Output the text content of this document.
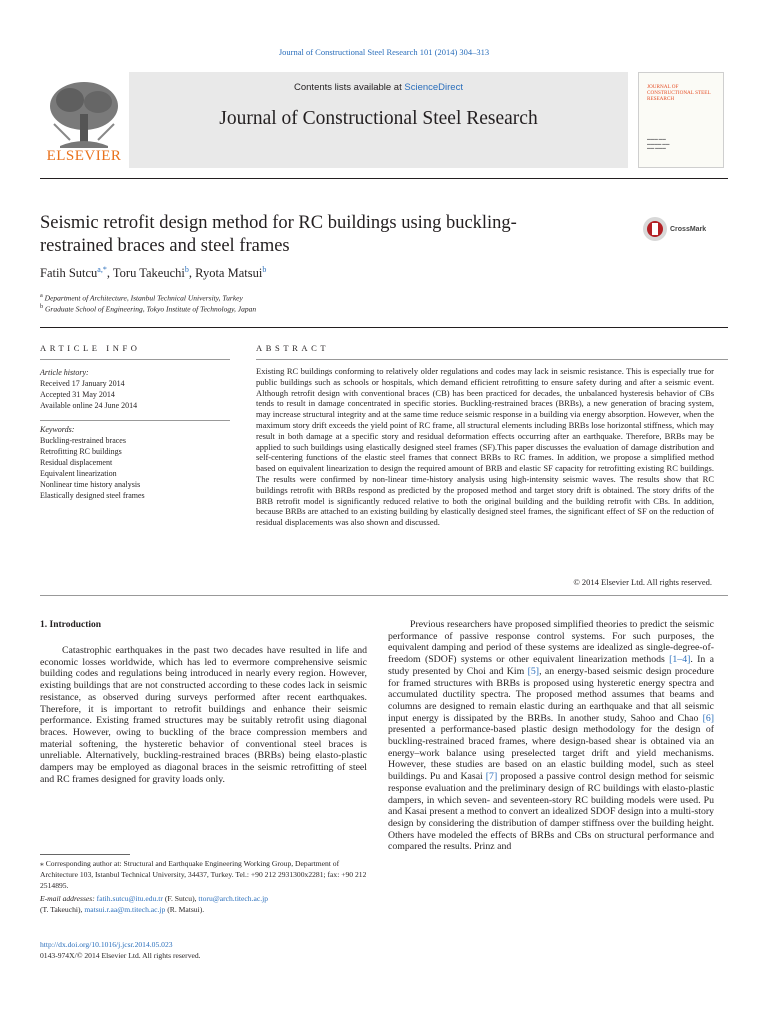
Journal of Constructional Steel Research 101 (2014) 304–313
Contents lists available at ScienceDirect
Journal of Constructional Steel Research
ELSEVIER
JOURNAL OF CONSTRUCTIONAL STEEL RESEARCH
▬▬▬ ▬▬
▬▬▬▬ ▬▬
▬▬ ▬▬▬
Seismic retrofit design method for RC buildings using buckling-restrained braces and steel frames
CrossMark
Fatih Sutcu$^{a,*}$, Toru Takeuchi$^b$, Ryota Matsui$^b$
$^a$ Department of Architecture, Istanbul Technical University, Turkey
$^b$ Graduate School of Engineering, Tokyo Institute of Technology, Japan
ARTICLE INFO
Article history:
Received 17 January 2014
Accepted 31 May 2014
Available online 24 June 2014
Keywords:
Buckling-restrained braces
Retrofitting RC buildings
Residual displacement
Equivalent linearization
Nonlinear time history analysis
Elastically designed steel frames
ABSTRACT
Existing RC buildings conforming to relatively older regulations and codes may lack in seismic resistance. This is especially true for public buildings such as schools or hospitals, which demand efficient retrofitting to ensure safety during and after a seismic event. Although retrofit design with conventional braces (CB) has been practiced for decades, the unbalanced hysteresis behavior of CBs tends to result in damage concentrated in specific stories. Buckling-restrained braces (BRBs), a new generation of bracing system, may increase structural integrity and at the same time reduce seismic response in a building via energy absorption. However, when the maximum story drift exceeds the yield point of RC frame, all structural elements including BRBs lose horizontal stiffness, which may result in both damage at a specific story and residual deformation effects occurring after an earthquake. Therefore, BRBs may be applied to such buildings using elastically designed steel frames (SF).This paper discusses the evaluation of damage distribution and self-centering functions of the elastic steel frames that connect BRBs to RC frames. In addition, we propose a simplified method based on equivalent linearization to design the required amount of BRB and elastic SF capacity for retrofitting existing RC buildings. The results were confirmed by non-linear time-history analysis using high-intensity seismic waves. The results show that RC buildings retrofit with BRBs respond as predicted by the proposed method and target story drift is obtained. The story drifts of the BRB retrofit model is significantly reduced relative to both the original building and the building retrofit with CBs. In addition, because BRBs are attached to an existing building by elastically designed steel frames, the significant effect of SF on the reduction of residual displacements was also shown and discussed.
© 2014 Elsevier Ltd. All rights reserved.
1. Introduction
Catastrophic earthquakes in the past two decades have resulted in life and economic losses worldwide, which has led to evermore comprehensive seismic building codes and regulations being introduced in nearly every region. However, existing buildings that are not constructed according to these codes lack in seismic resistance, as observed during surveys performed after recent earthquakes. Therefore, it is important to retrofit buildings and enhance their seismic performance. Existing framed structures may be suitably retrofit using diagonal braces. However, owing to buckling of the brace compression members and material softening, the hysteretic behavior of conventional steel braces is unreliable. Alternatively, buckling-restrained braces (BRBs) being elasto-plastic dampers may be employed as diagonal braces in the seismic retrofitting of steel and RC frames designed for gravity loads only.
Previous researchers have proposed simplified theories to predict the seismic performance of passive response control systems. For such purposes, the equivalent damping and period of these systems are idealized as single-degree-of-freedom (SDOF) systems or other equivalent linearization methods [1–4]. In a study presented by Choi and Kim [5], an energy-based seismic design procedure for framed structures with BRBs is proposed using hysteretic energy spectra and accumulated ductility spectra. The proposed method assumes that beams and columns are designed to remain elastic during an earthquake and that all seismic input energy is dissipated by the BRBs. In another study, Sahoo and Chao [6] presented a performance-based plastic design methodology for the design of buckling-restrained braced frames, where design-based shear is obtained via an energy–work balance using preselected target drift and yield mechanisms. However, these studies are based on an elastic building model, such as steel buildings. Pu and Kasai [7] proposed a passive control design method for seismic response evaluation and the preliminary design of RC buildings with elasto-plastic dampers, in which seven- and seventeen-story RC building models were used. Pu and Kasai present a method to convert an idealized SDOF design into a multi-story design by considering the distribution of damper stiffness over the building height. Others have modeled the effects of BRBs and CBs on structural performance and compared the results. Prinz and
⁎ Corresponding author at: Structural and Earthquake Engineering Working Group, Department of Architecture 103, Istanbul Technical University, 34437, Turkey. Tel.: +90 212 2931300x2281; fax: +90 212 2514895.
E-mail addresses: fatih.sutcu@itu.edu.tr (F. Sutcu), ttoru@arch.titech.ac.jp
(T. Takeuchi), matsui.r.aa@m.titech.ac.jp (R. Matsui).
http://dx.doi.org/10.1016/j.jcsr.2014.05.023
0143-974X/© 2014 Elsevier Ltd. All rights reserved.
